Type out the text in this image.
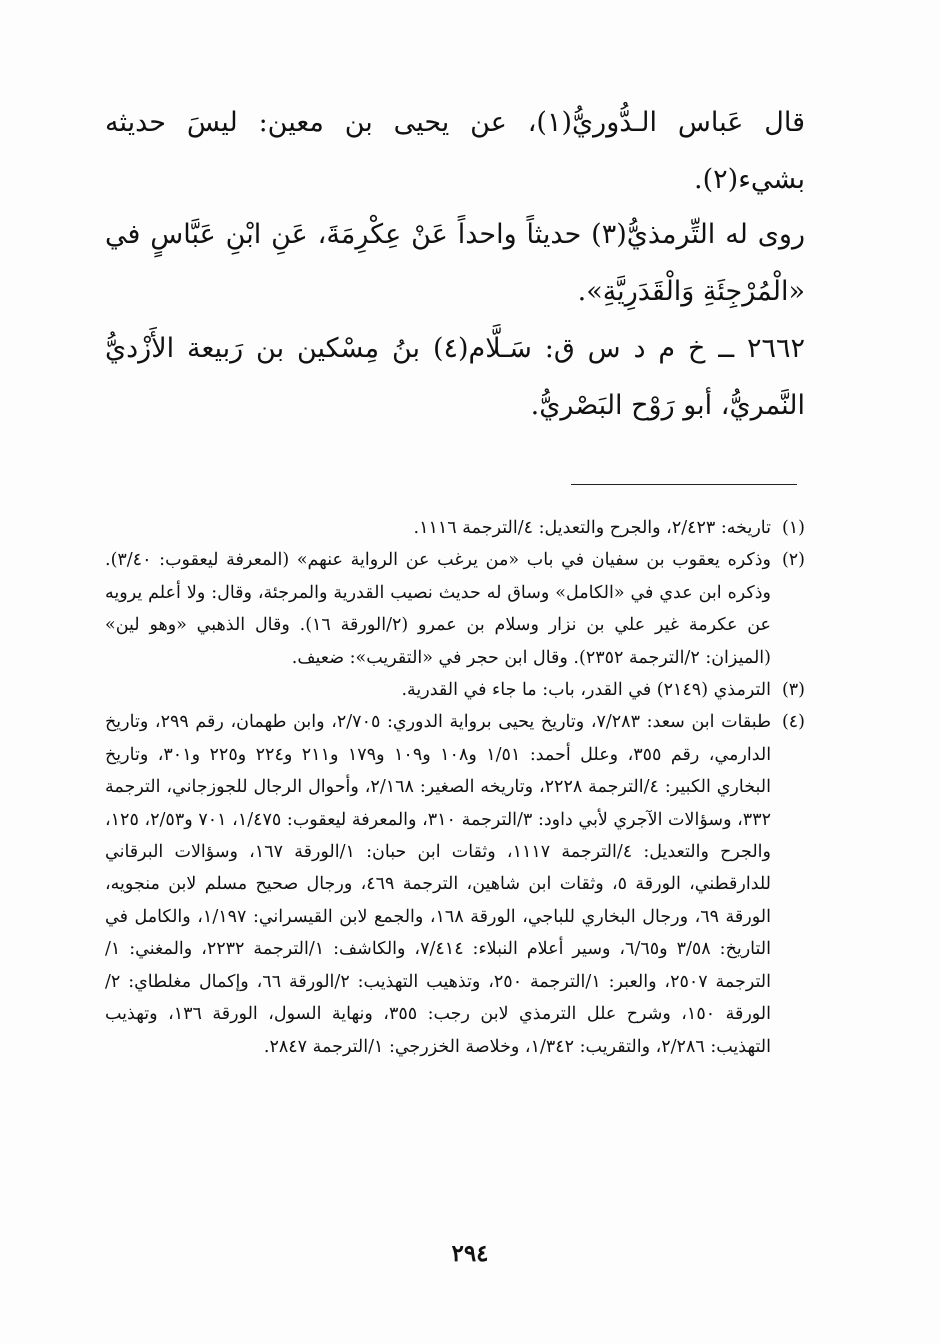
قال عَباس الـدُّوريُّ(١)، عن يحيى بن معين: ليسَ حديثه بشيء(٢).
روى له التِّرمذيُّ(٣) حديثاً واحداً عَنْ عِكْرِمَةَ، عَنِ ابْنِ عَبَّاسٍ في «الْمُرْجِئَةِ وَالْقَدَرِيَّةِ».
٢٦٦٢ ــ خ م د س ق: سَـلَّام(٤) بنُ مِسْكين بن رَبيعة الأَزْديُّ النَّمريُّ، أبو رَوْح البَصْريُّ.
(١)
تاريخه: ٢/٤٢٣، والجرح والتعديل: ٤/الترجمة ١١١٦.
(٢)
وذكره يعقوب بن سفيان في باب «من يرغب عن الرواية عنهم» (المعرفة ليعقوب: ٣/٤٠). وذكره ابن عدي في «الكامل» وساق له حديث نصيب القدرية والمرجئة، وقال: ولا أعلم يرويه عن عكرمة غير علي بن نزار وسلام بن عمرو (٢/الورقة ١٦). وقال الذهبي «وهو لين» (الميزان: ٢/الترجمة ٢٣٥٢). وقال ابن حجر في «التقريب»: ضعيف.
(٣)
الترمذي (٢١٤٩) في القدر، باب: ما جاء في القدرية.
(٤)
طبقات ابن سعد: ٧/٢٨٣، وتاريخ يحيى برواية الدوري: ٢/٧٠٥، وابن طهمان، رقم ٢٩٩، وتاريخ الدارمي، رقم ٣٥٥، وعلل أحمد: ١/٥١ و١٠٨ و١٠٩ و١٧٩ و٢١١ و٢٢٤ و٢٢٥ و٣٠١، وتاريخ البخاري الكبير: ٤/الترجمة ٢٢٢٨، وتاريخه الصغير: ٢/١٦٨، وأحوال الرجال للجوزجاني، الترجمة ٣٣٢، وسؤالات الآجري لأبي داود: ٣/الترجمة ٣١٠، والمعرفة ليعقوب: ١/٤٧٥، ٧٠١ و٢/٥٣، ١٢٥، والجرح والتعديل: ٤/الترجمة ١١١٧، وثقات ابن حبان: ١/الورقة ١٦٧، وسؤالات البرقاني للدارقطني، الورقة ٥، وثقات ابن شاهين، الترجمة ٤٦٩، ورجال صحيح مسلم لابن منجويه، الورقة ٦٩، ورجال البخاري للباجي، الورقة ١٦٨، والجمع لابن القيسراني: ١/١٩٧، والكامل في التاريخ: ٣/٥٨ و٦/٦٥، وسير أعلام النبلاء: ٧/٤١٤، والكاشف: ١/الترجمة ٢٢٣٢، والمغني: ١/الترجمة ٢٥٠٧، والعبر: ١/الترجمة ٢٥٠، وتذهيب التهذيب: ٢/الورقة ٦٦، وإكمال مغلطاي: ٢/الورقة ١٥٠، وشرح علل الترمذي لابن رجب: ٣٥٥، ونهاية السول، الورقة ١٣٦، وتهذيب التهذيب: ٢/٢٨٦، والتقريب: ١/٣٤٢، وخلاصة الخزرجي: ١/الترجمة ٢٨٤٧.
٢٩٤
